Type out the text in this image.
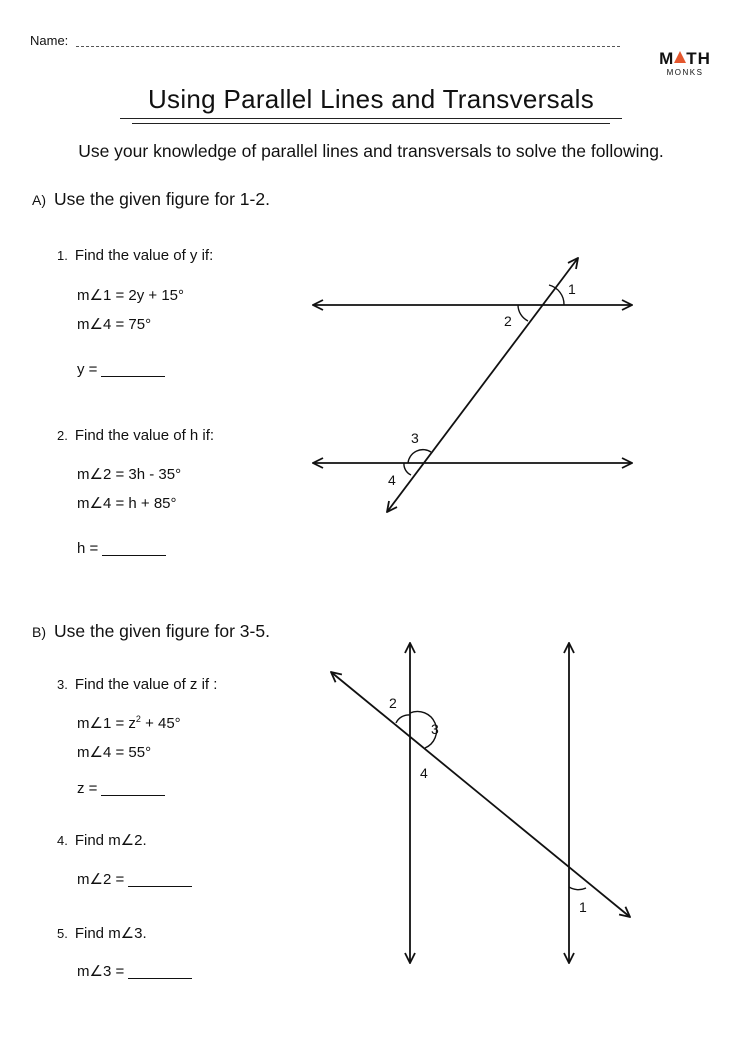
Name:
M TH
MONKS
Using Parallel Lines and Transversals
Use your knowledge of parallel lines and transversals to solve the following.
A) Use the given figure for 1-2.
1. Find the value of y if:
m∠1 = 2y + 15°
m∠4 = 75°
y =
2. Find the value of h if:
m∠2 = 3h - 35°
m∠4 = h + 85°
h =
1
2
3
4
B) Use the given figure for 3-5.
3. Find the value of z if :
m∠1 = $z^2 + 45^\circ$
m∠4 = 55°
z =
4. Find m∠2.
m∠2 =
5. Find m∠3.
m∠3 =
1
2
3
4
